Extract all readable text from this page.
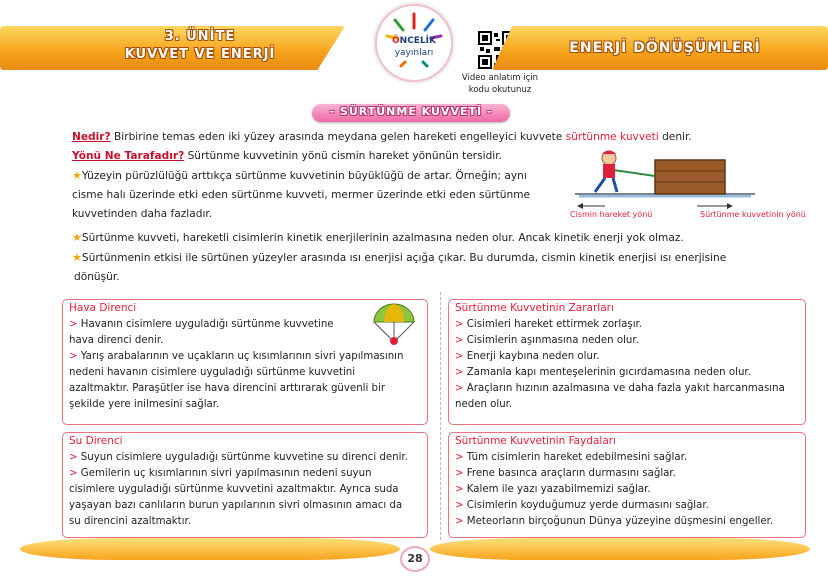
3. ÜNİTE
KUVVET VE ENERJİ
ÖNCELİK
yayınları
Video anlatım için
kodu okutunuz
ENERJİ DÖNÜŞÜMLERİ
- SÜRTÜNME KUVVETİ -
Nedir? Birbirine temas eden iki yüzey arasında meydana gelen hareketi engelleyici kuvvete sürtünme kuvveti denir.
Yönü Ne Tarafadır? Sürtünme kuvvetinin yönü cismin hareket yönünün tersidir.
★Yüzeyin pürüzlülüğü arttıkça sürtünme kuvvetinin büyüklüğü de artar. Örneğin; aynı
cisme halı üzerinde etki eden sürtünme kuvveti, mermer üzerinde etki eden sürtünme
kuvvetinden daha fazladır.
★Sürtünme kuvveti, hareketli cisimlerin kinetik enerjilerinin azalmasına neden olur. Ancak kinetik enerji yok olmaz.
★Sürtünmenin etkisi ile sürtünen yüzeyler arasında ısı enerjisi açığa çıkar. Bu durumda, cismin kinetik enerjisi ısı enerjisine
dönüşür.
Cismin hareket yönü	Sürtünme kuvvetinin yönü
Hava Direnci
> Havanın cisimlere uyguladığı sürtünme kuvvetine
hava direnci denir.
> Yarış arabalarının ve uçakların uç kısımlarının sivri yapılmasının
nedeni havanın cisimlere uyguladığı sürtünme kuvvetini
azaltmaktır. Paraşütler ise hava direncini arttırarak güvenli bir
şekilde yere inilmesini sağlar.
Su Direnci
> Suyun cisimlere uyguladığı sürtünme kuvvetine su direnci denir.
> Gemilerin uç kısımlarının sivri yapılmasının nedeni suyun
cisimlere uyguladığı sürtünme kuvvetini azaltmaktır. Ayrıca suda
yaşayan bazı canlıların burun yapılarının sivri olmasının amacı da
su direncini azaltmaktır.
Sürtünme Kuvvetinin Zararları
> Cisimleri hareket ettirmek zorlaşır.
> Cisimlerin aşınmasına neden olur.
> Enerji kaybına neden olur.
> Zamanla kapı menteşelerinin gıcırdamasına neden olur.
> Araçların hızının azalmasına ve daha fazla yakıt harcanmasına
neden olur.
Sürtünme Kuvvetinin Faydaları
> Tüm cisimlerin hareket edebilmesini sağlar.
> Frene basınca araçların durmasını sağlar.
> Kalem ile yazı yazabilmemizi sağlar.
> Cisimlerin koyduğumuz yerde durmasını sağlar.
> Meteorların birçoğunun Dünya yüzeyine düşmesini engeller.
28
